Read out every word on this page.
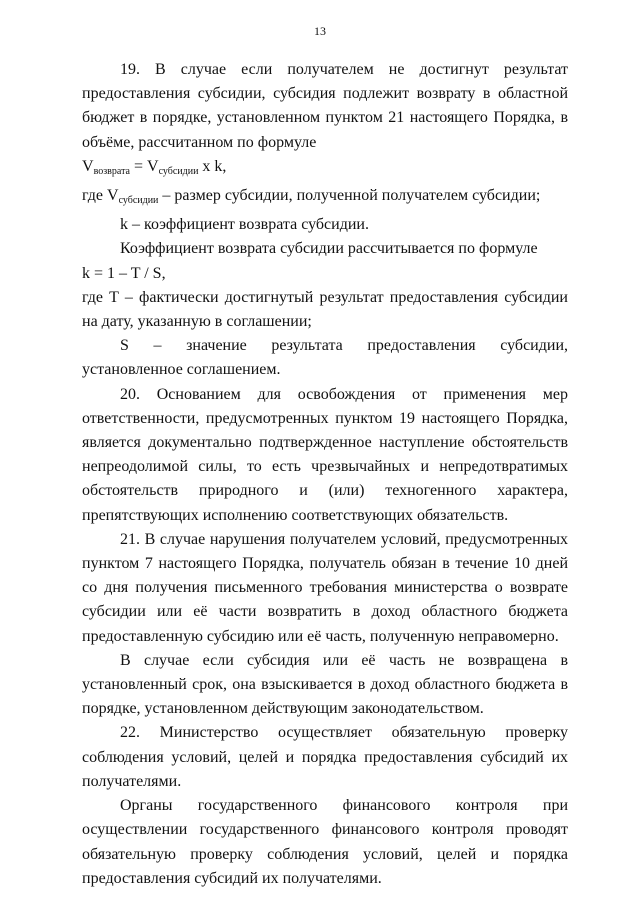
13

19. В случае если получателем не достигнут результат предоставления субсидии, субсидия подлежит возврату в областной бюджет в порядке, установленном пунктом 21 настоящего Порядка, в объёме, рассчитанном по формуле

$V_{возврата} = V_{субсидии}$ x k,

где Vсубсидии – размер субсидии, полученной получателем субсидии;

k – коэффициент возврата субсидии.

Коэффициент возврата субсидии рассчитывается по формуле

k = 1 – T / S,

где T – фактически достигнутый результат предоставления субсидии на дату, указанную в соглашении;

S – значение результата предоставления субсидии, установленное соглашением.

20. Основанием для освобождения от применения мер ответственности, предусмотренных пунктом 19 настоящего Порядка, является документально подтвержденное наступление обстоятельств непреодолимой силы, то есть чрезвычайных и непредотвратимых обстоятельств природного и (или) техногенного характера, препятствующих исполнению соответствующих обязательств.

21. В случае нарушения получателем условий, предусмотренных пунктом 7 настоящего Порядка, получатель обязан в течение 10 дней со дня получения письменного требования министерства о возврате субсидии или её части возвратить в доход областного бюджета предоставленную субсидию или её часть, полученную неправомерно.

В случае если субсидия или её часть не возвращена в установленный срок, она взыскивается в доход областного бюджета в порядке, установленном действующим законодательством.

22. Министерство осуществляет обязательную проверку соблюдения условий, целей и порядка предоставления субсидий их получателями.

Органы государственного финансового контроля при осуществлении государственного финансового контроля проводят обязательную проверку соблюдения условий, целей и порядка предоставления субсидий их получателями.
